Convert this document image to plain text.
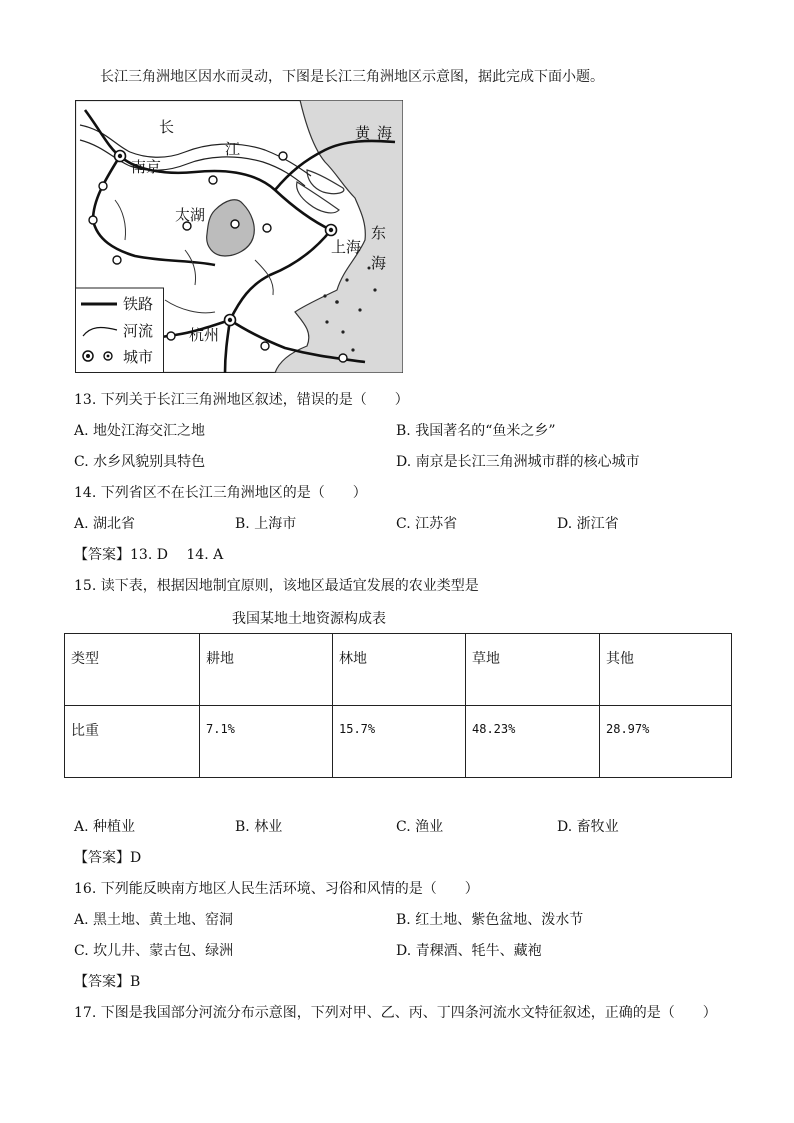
长江三角洲地区因水而灵动，下图是长江三角洲地区示意图，据此完成下面小题。
长
江
黄 海
东
海
南京
太湖
上海
杭州
铁路
河流
城市
13. 下列关于长江三角洲地区叙述，错误的是（　　）
A. 地处江海交汇之地	B. 我国著名的“鱼米之乡”
C. 水乡风貌别具特色	D. 南京是长江三角洲城市群的核心城市
14. 下列省区不在长江三角洲地区的是（　　）
A. 湖北省	B. 上海市	C. 江苏省	D. 浙江省
【答案】13. D　 14. A
15. 读下表，根据因地制宜原则，该地区最适宜发展的农业类型是
我国某地土地资源构成表
类型	耕地	林地	草地	其他
比重	7.1%	15.7%	48.23%	28.97%
A. 种植业	B. 林业	C. 渔业	D. 畜牧业
【答案】D
16. 下列能反映南方地区人民生活环境、习俗和风情的是（　　）
A. 黑土地、黄土地、窑洞	B. 红土地、紫色盆地、泼水节
C. 坎儿井、蒙古包、绿洲	D. 青稞酒、牦牛、藏袍
【答案】B
17. 下图是我国部分河流分布示意图，下列对甲、乙、丙、丁四条河流水文特征叙述，正确的是（　　）
